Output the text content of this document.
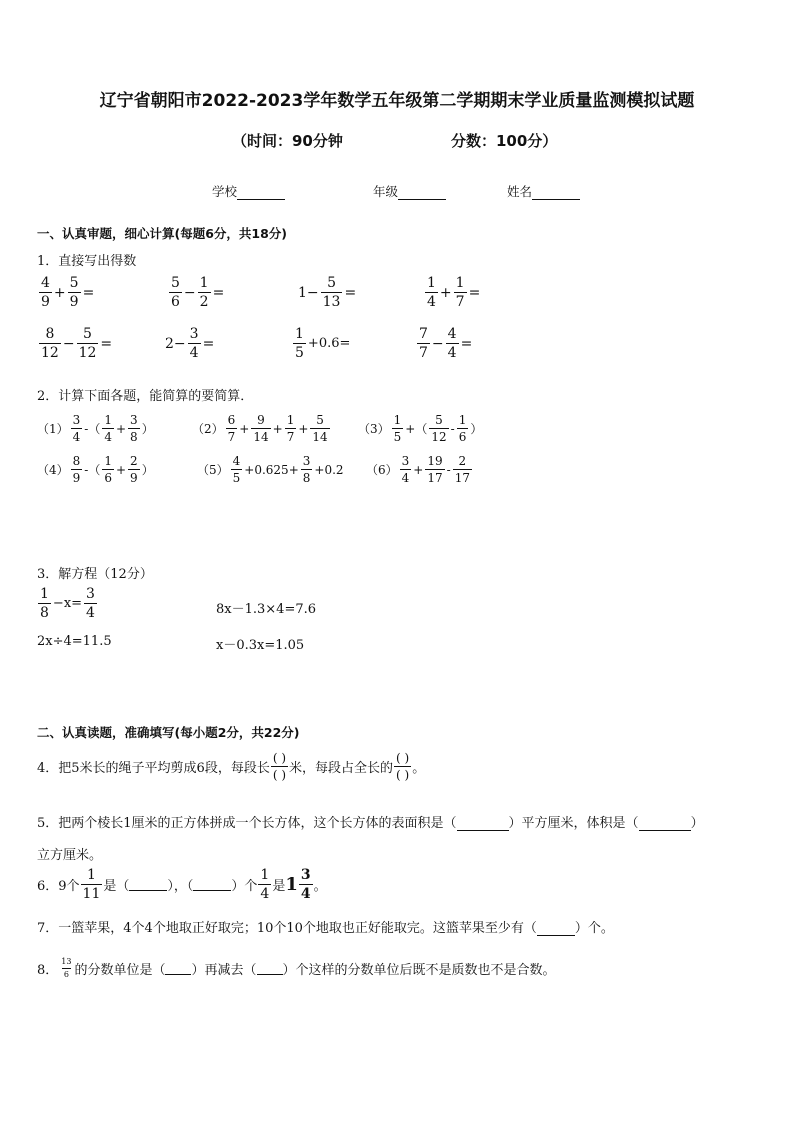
辽宁省朝阳市2022-2023学年数学五年级第二学期期末学业质量监测模拟试题
（时间：90分钟	分数：100分）
学校	年级	姓名
一、认真审题，细心计算(每题6分，共18分)
1．直接写出得数
$\frac{4}{9} + \frac{5}{9}$ =	$\frac{5}{6} - \frac{1}{2}$ =	$1- \frac{5}{13}$ =	$\frac{1}{4} + \frac{1}{7}$ =
$\frac{8}{12} - \frac{5}{12}$ =	$2- \frac{3}{4}$ =	$\frac{1}{5} +0.6=$	$\frac{7}{7} - \frac{4}{4}$ =
2．计算下面各题，能简算的要简算．
$(1) \frac{3}{4}$ -（ $\frac{1}{4} + \frac{3}{8}$ ）	$(2) \frac{6}{7} + \frac{9}{14} + \frac{1}{7} + \frac{5}{14} (3) \frac{1}{5}$ +（ $\frac{5}{12} - \frac{1}{6}$ ）
$(4) \frac{8}{9}$ -（ $\frac{1}{6} + \frac{2}{9}$ ）	$(5) \frac{4}{5} +0.625+ \frac{3}{8} +0.2$ $(6) \frac{3}{4} + \frac{19}{17} - \frac{2}{17}$
3．解方程（12分）
$\frac{1}{8} -x= \frac{3}{4}$	8x－1.3×4=7.6
2x÷4=11.5	x－0.3x=1.05
二、认真读题，准确填写(每小题2分，共22分)
4．把5米长的绳子平均剪成6段，每段长 $\frac{( )}{( )}$ 米，每段占全长的 $\frac{( )}{( )}$ 。
5．把两个棱长1厘米的正方体拼成一个长方体，这个长方体的表面积是（	）平方厘米，体积是（	）
立方厘米。
6．9个 $\frac{1}{11}$ 是（	），（	）个 $\frac{1}{4}$ 是 $1 \frac{3}{4}$ 。
7．一篮苹果，4个4个地取正好取完；10个10个地取也正好能取完。这篮苹果至少有（	）个。
8． $\frac{13}{6}$ 的分数单位是（ ）再减去（ ）个这样的分数单位后既不是质数也不是合数。
